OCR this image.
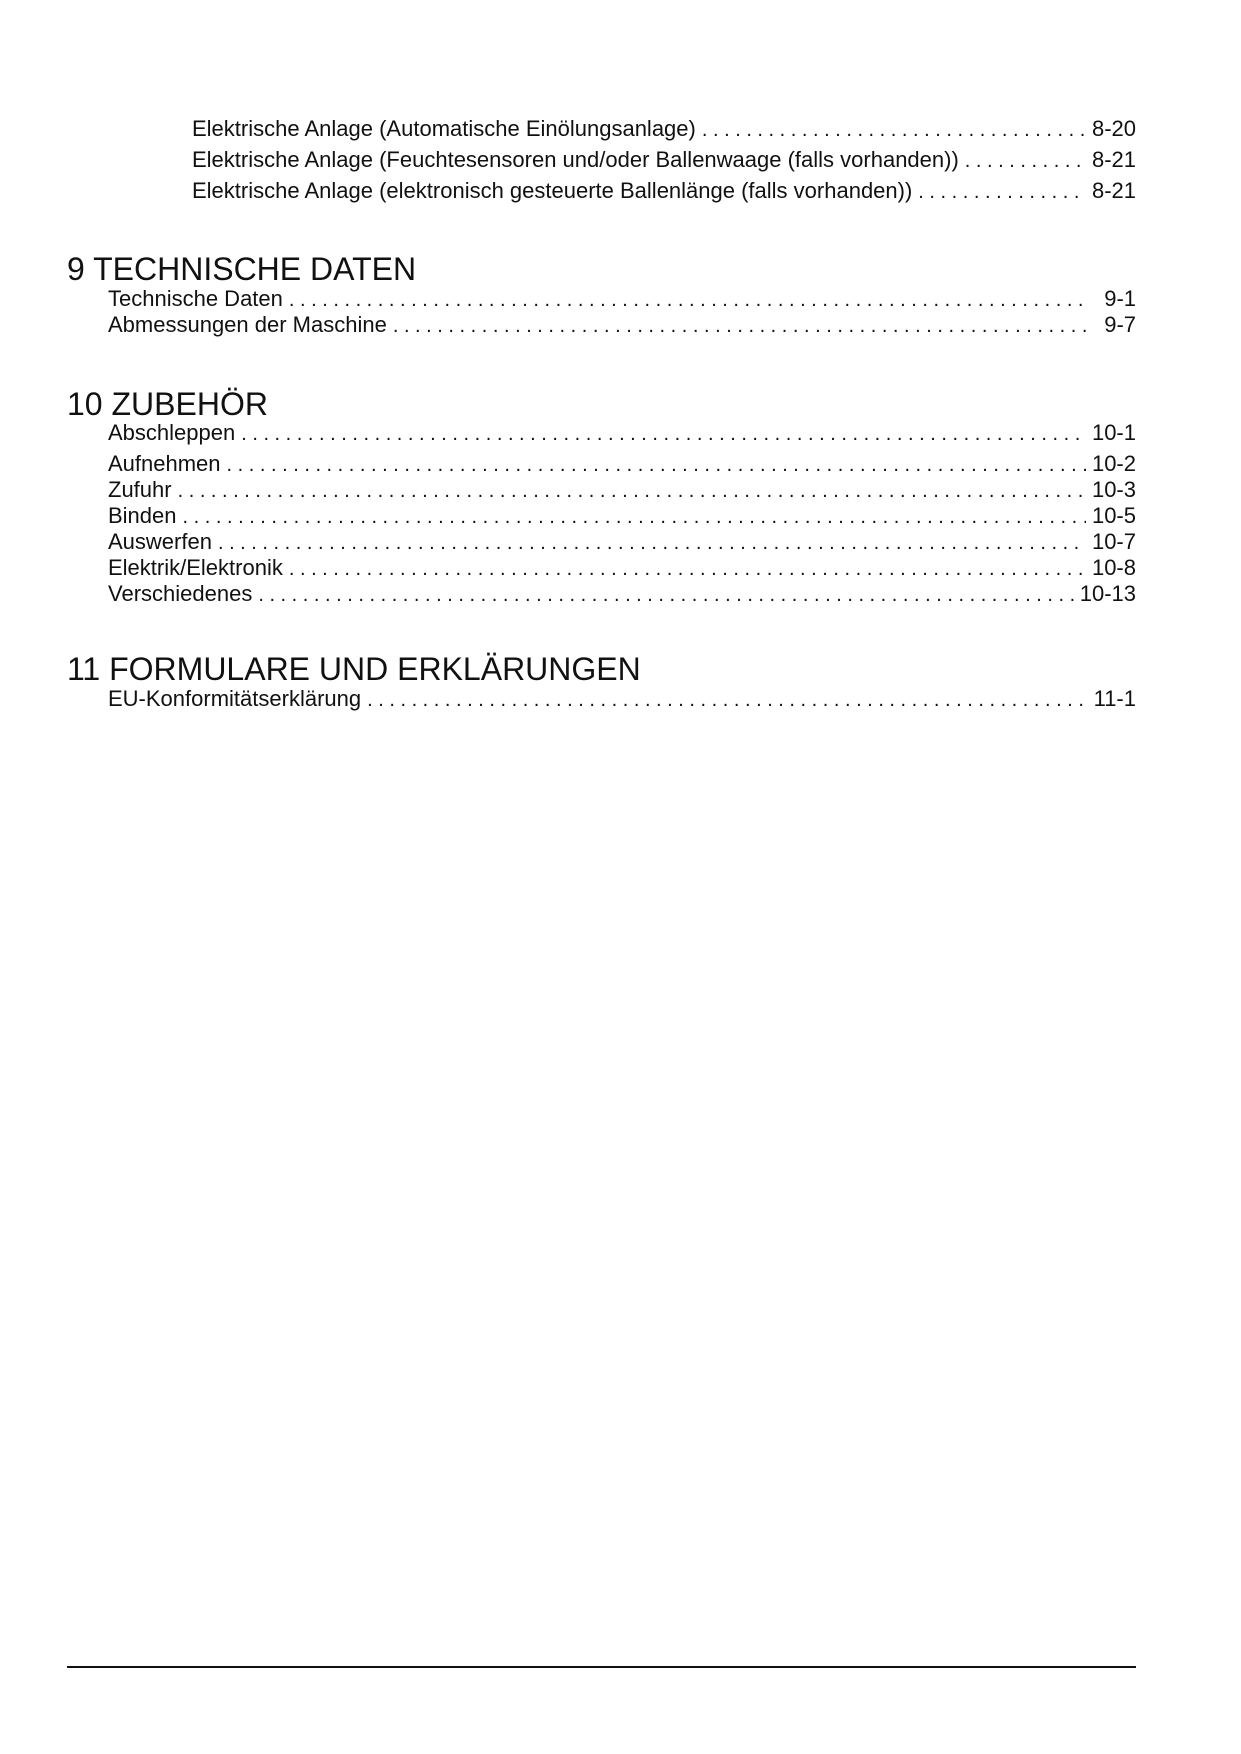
Elektrische Anlage (Automatische Einölungsanlage) . . .	8-20
Elektrische Anlage (Feuchtesensoren und/oder Ballenwaage (falls vorhanden)) . . .	8-21
Elektrische Anlage (elektronisch gesteuerte Ballenlänge (falls vorhanden)) . . .	8-21
9 TECHNISCHE DATEN
Technische Daten . . .	9-1
Abmessungen der Maschine . . .	9-7
10 ZUBEHÖR
Abschleppen . . .	10-1
Aufnehmen . . .	10-2
Zufuhr . . .	10-3
Binden . . .	10-5
Auswerfen . . .	10-7
Elektrik/Elektronik . . .	10-8
Verschiedenes . . .	10-13
11 FORMULARE UND ERKLÄRUNGEN
EU-Konformitätserklärung . . .	11-1
